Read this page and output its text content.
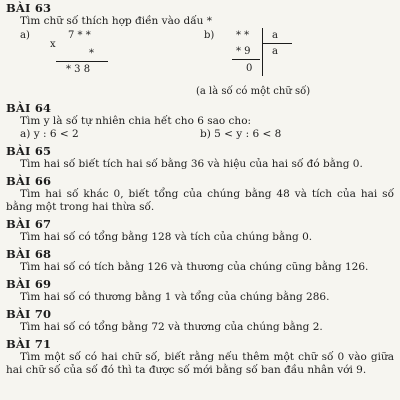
BÀI 63

Tìm chữ số thích hợp điền vào dấu *

a)	7 * *
x
*
* 3 8
b) * * a
a
* 9
0

(a là số có một chữ số)

BÀI 64

Tìm y là số tự nhiên chia hết cho 6 sao cho:

a) y : 6 < 2	b) 5 < y : 6 < 8
BÀI 65

Tìm hai số biết tích hai số bằng 36 và hiệu của hai số đó bằng 0.

BÀI 66

Tìm hai số khác 0, biết tổng của chúng bằng 48 và tích của hai số bằng một trong hai thừa số.

BÀI 67

Tìm hai số có tổng bằng 128 và tích của chúng bằng 0.

BÀI 68

Tìm hai số có tích bằng 126 và thương của chúng cũng bằng 126.

BÀI 69

Tìm hai số có thương bằng 1 và tổng của chúng bằng 286.

BÀI 70

Tìm hai số có tổng bằng 72 và thương của chúng bằng 2.

BÀI 71

Tìm một số có hai chữ số, biết rằng nếu thêm một chữ số 0 vào giữa hai chữ số của số đó thì ta được số mới bằng số ban đầu nhân với 9.
